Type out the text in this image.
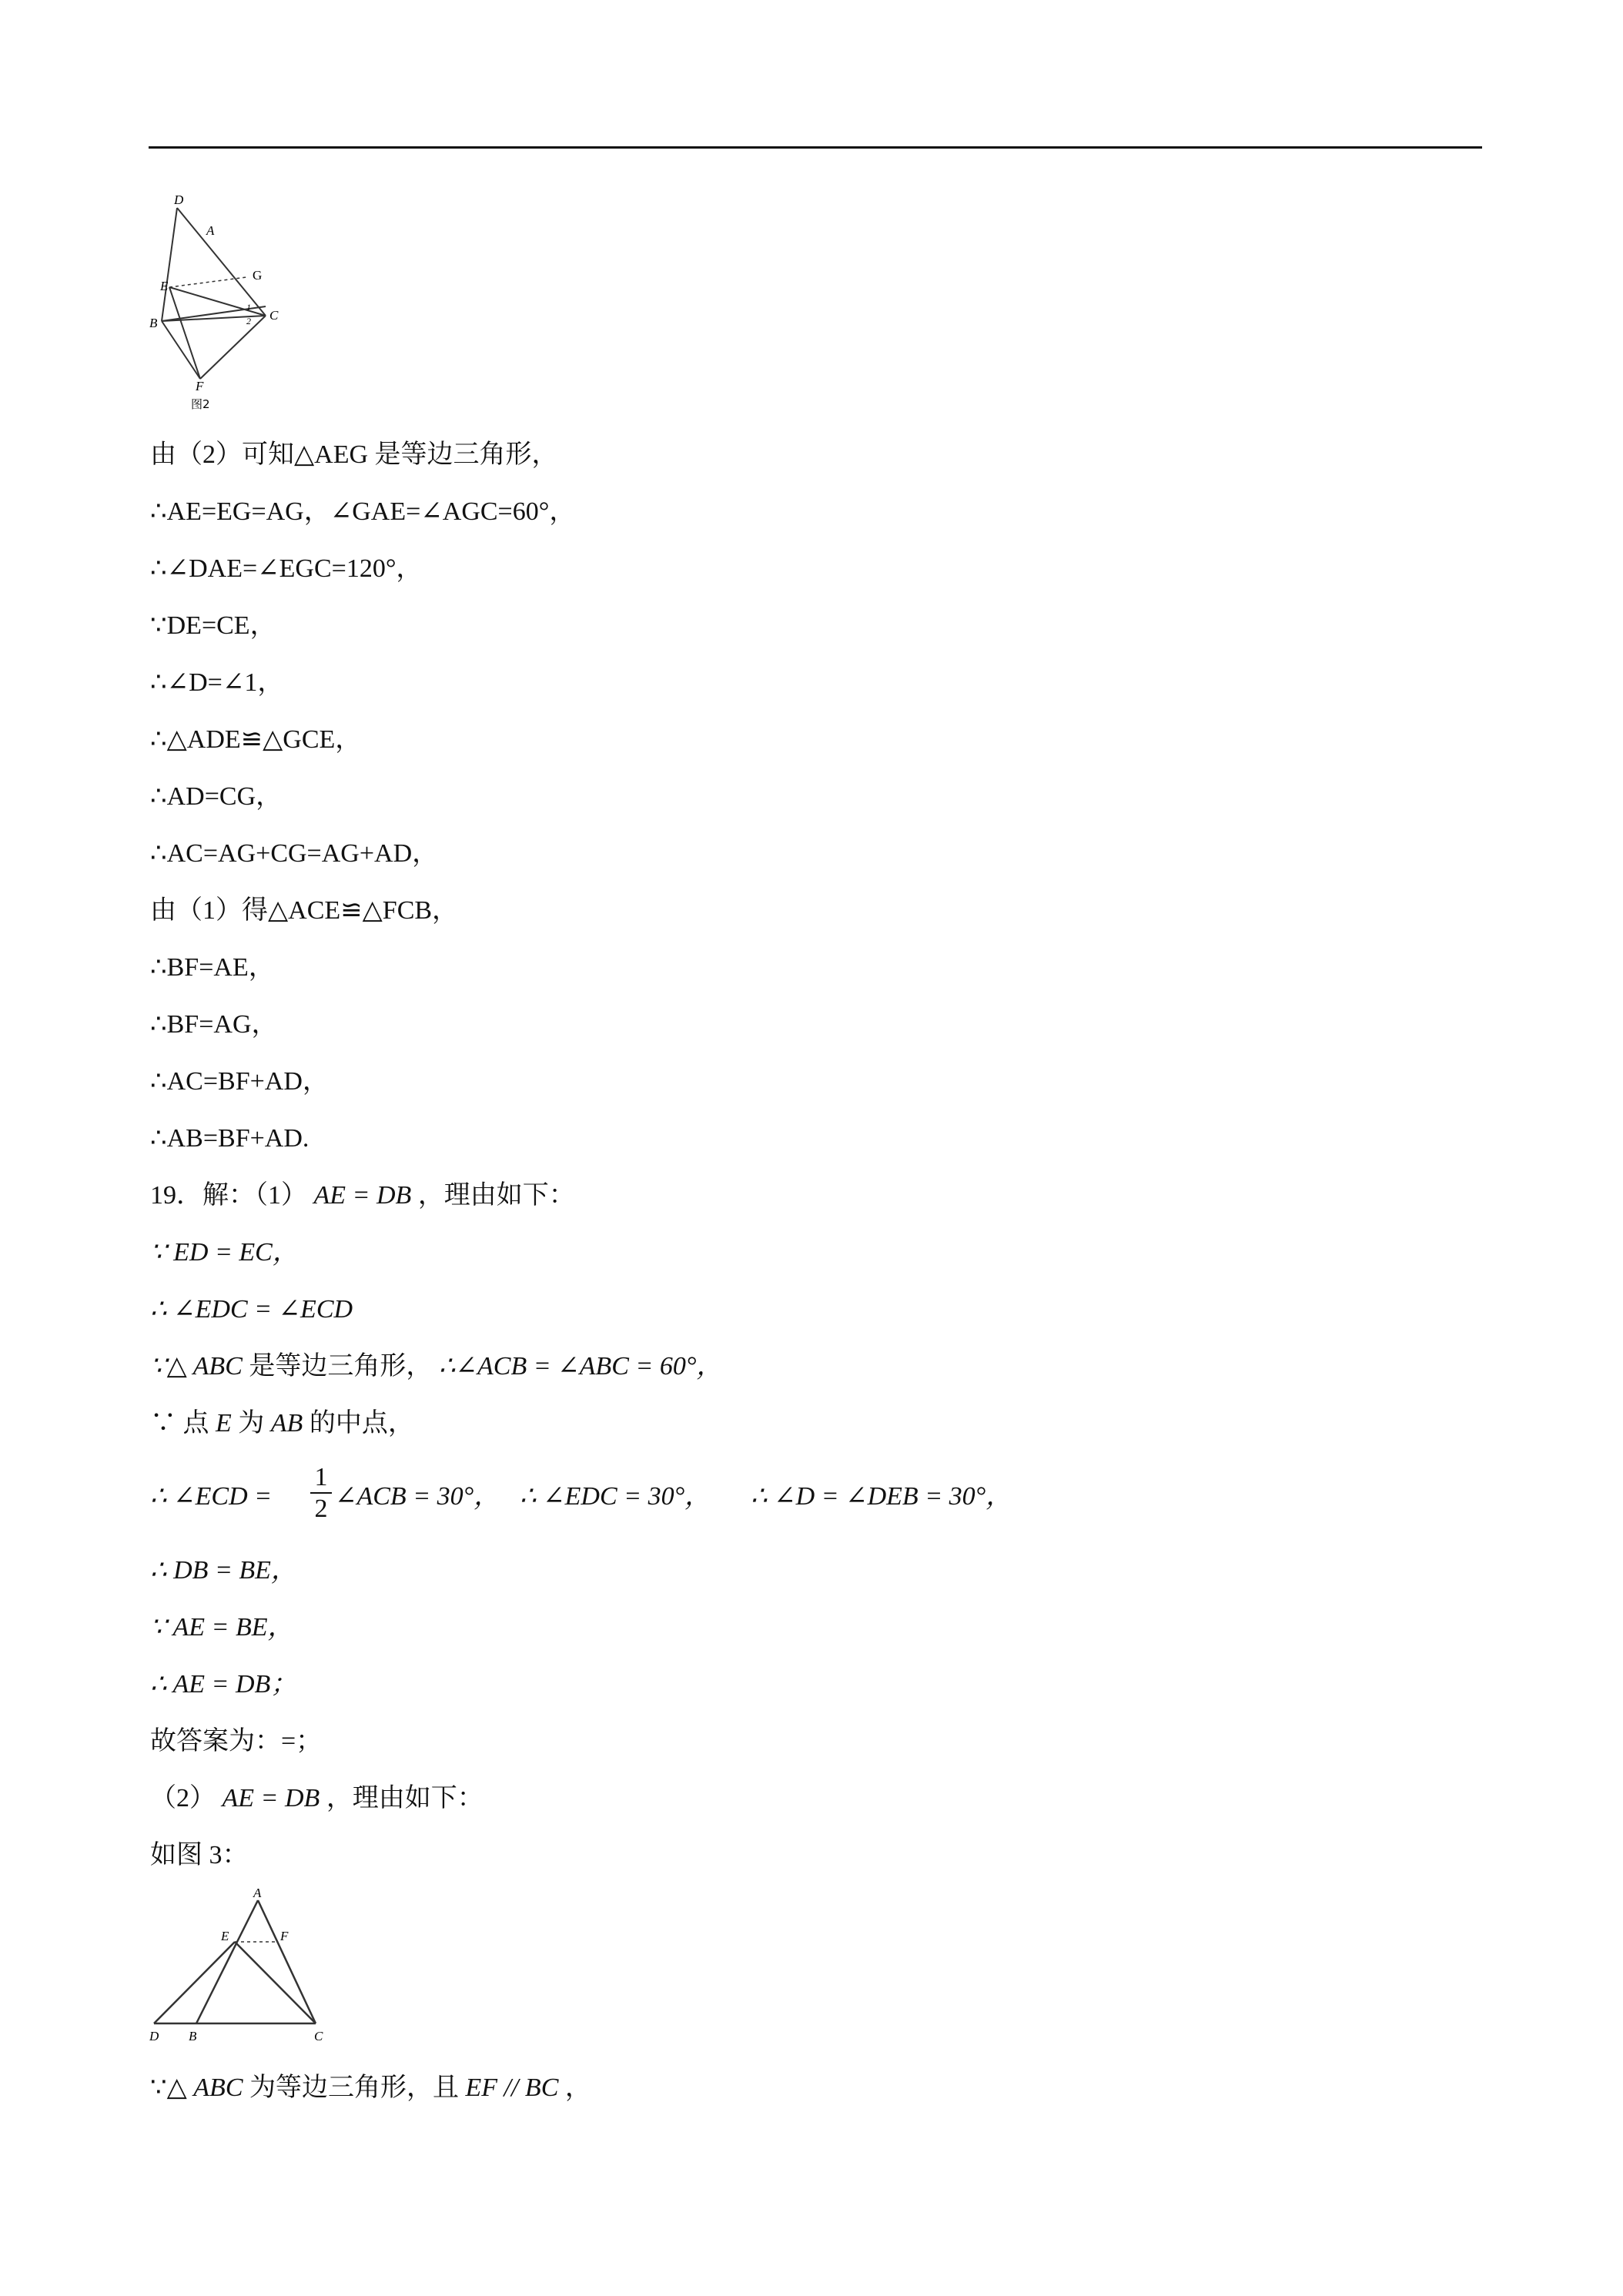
D
A
G
E
B
C
1
2
F
图2
由（2）可知△AEG 是等边三角形，
∴AE=EG=AG，∠GAE=∠AGC=60°，
∴∠DAE=∠EGC=120°，
∵DE=CE，
∴∠D=∠1，
∴△ADE≌△GCE，
∴AD=CG，
∴AC=AG+CG=AG+AD，
由（1）得△ACE≌△FCB，
∴BF=AE，
∴BF=AG，
∴AC=BF+AD，
∴AB=BF+AD.
19．解：（1） AE = DB ，理由如下：
∵ ED = EC，
∴ ∠EDC = ∠ECD
∵△ ABC 是等边三角形， ∴∠ACB = ∠ABC = 60°，
∵ 点 E 为 AB 的中点，
∴ ∠ECD = $\frac{1}{2}$ ∠ACB = 30°， ∴ ∠EDC = 30°， ∴ ∠D = ∠DEB = 30°，
∴ DB = BE，
∵ AE = BE，
∴ AE = DB；
故答案为：=；
（2） AE = DB ，理由如下：
如图 3：
A
E	F
D B	C
∵△ ABC 为等边三角形，且 EF // BC ，
